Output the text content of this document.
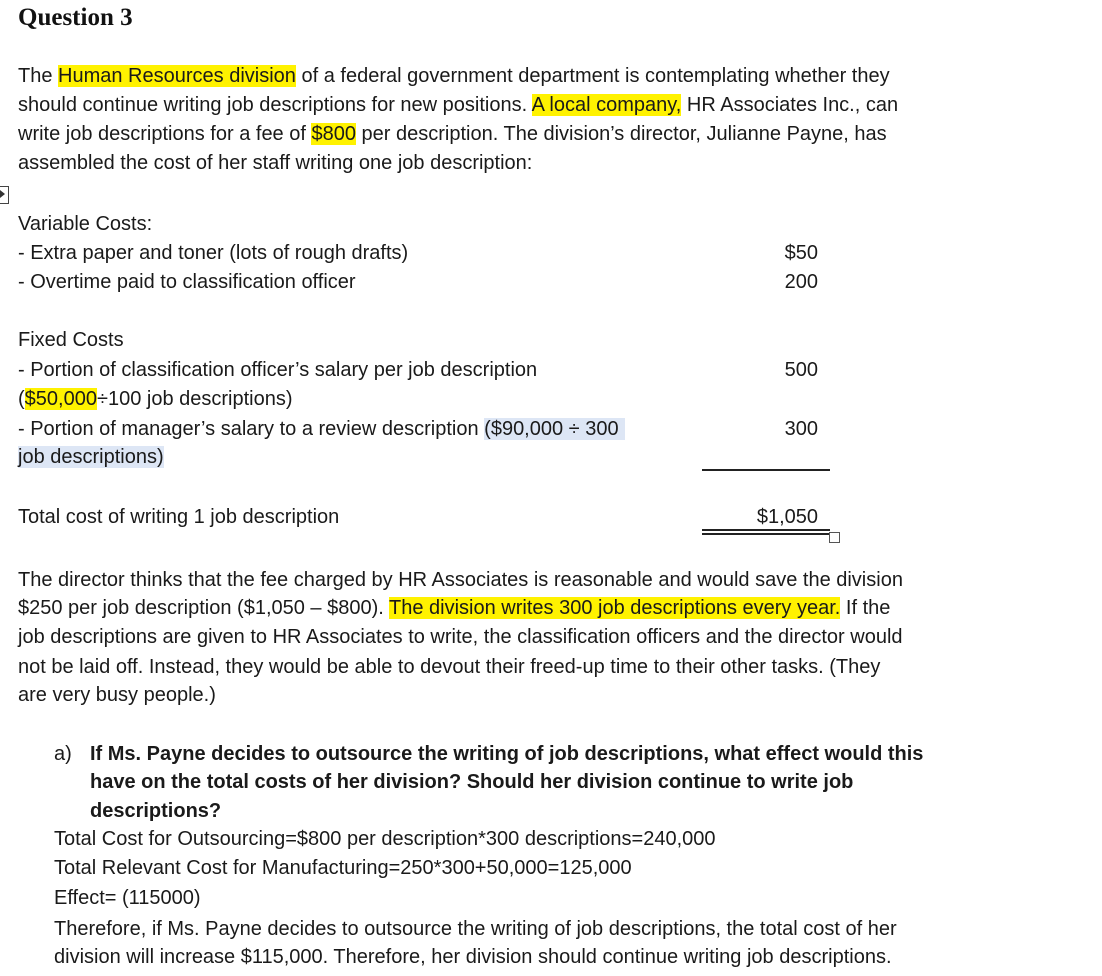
Question 3
The Human Resources division of a federal government department is contemplating whether they
should continue writing job descriptions for new positions. A local company, HR Associates Inc., can
write job descriptions for a fee of $800 per description. The division’s director, Julianne Payne, has
assembled the cost of her staff writing one job description:
Variable Costs:
- Extra paper and toner (lots of rough drafts)	$50
- Overtime paid to classification officer	200
Fixed Costs
- Portion of classification officer’s salary per job description	500
($50,000÷100 job descriptions)
- Portion of manager’s salary to a review description ($90,000 ÷ 300	300
job descriptions)
Total cost of writing 1 job description	$1,050
The director thinks that the fee charged by HR Associates is reasonable and would save the division
$250 per job description ($1,050 – $800). The division writes 300 job descriptions every year. If the
job descriptions are given to HR Associates to write, the classification officers and the director would
not be laid off. Instead, they would be able to devout their freed-up time to their other tasks. (They
are very busy people.)
a) If Ms. Payne decides to outsource the writing of job descriptions, what effect would this
have on the total costs of her division? Should her division continue to write job
descriptions?
Total Cost for Outsourcing=$800 per description*300 descriptions=240,000
Total Relevant Cost for Manufacturing=250*300+50,000=125,000
Effect= (115000)
Therefore, if Ms. Payne decides to outsource the writing of job descriptions, the total cost of her
division will increase $115,000. Therefore, her division should continue writing job descriptions.
